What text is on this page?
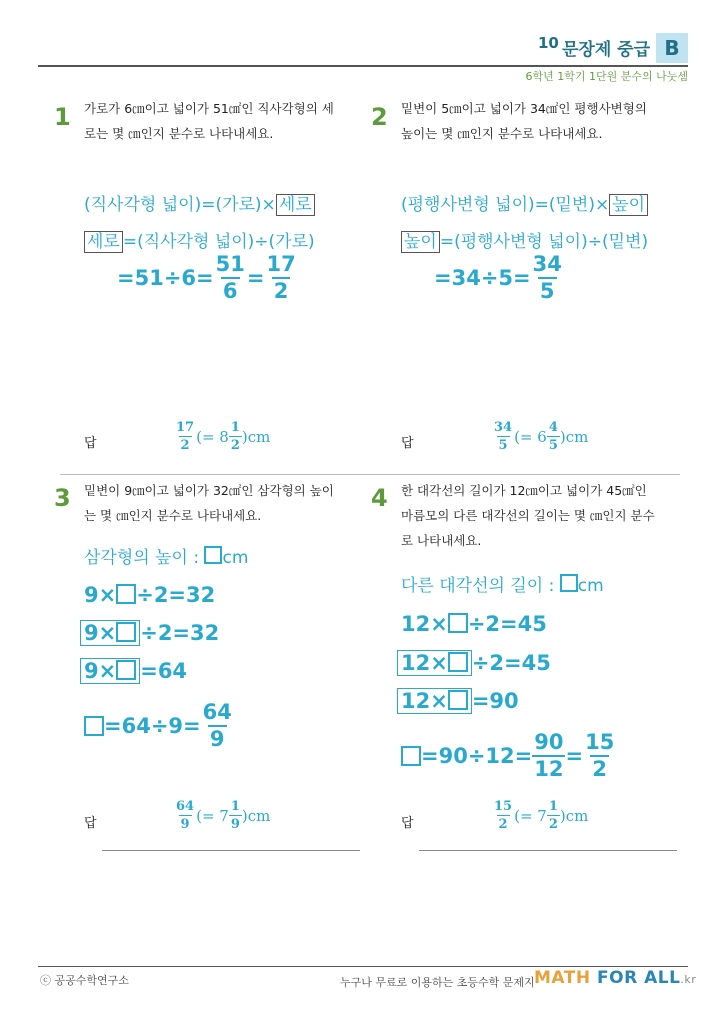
10 문장제 중급 B
6학년 1학기 1단원 분수의 나눗셈
1 가로가 6㎝이고 넓이가 51㎠인 직사각형의 세
로는 몇 ㎝인지 분수로 나타내세요.
(직사각형 넓이)=(가로)× 세로
세로 =(직사각형 넓이)÷(가로)
$=51\div 6= \frac{51}{6} = \frac{17}{2}$
답	$\frac{17}{2}$ (= $8 \frac{1}{2} )cm$
2 밑변이 5㎝이고 넓이가 34㎠인 평행사변형의
높이는 몇 ㎝인지 분수로 나타내세요.
(평행사변형 넓이)=(밑변)× 높이
높이 =(평행사변형 넓이)÷(밑변)
$=34\div 5= \frac{34}{5}$
답	$\frac{34}{5}$ (= $6 \frac{4}{5} )cm$
3 밑변이 9㎝이고 넓이가 32㎠인 삼각형의 높이
는 몇 ㎝인지 분수로 나타내세요.
삼각형의 높이 : cm
9× ÷2=32
9× ÷2=32
9× =64
$=64\div 9= \frac{64}{9}$
답	$\frac{64}{9}$ (= $7 \frac{1}{9} )cm$
4 한 대각선의 길이가 12㎝이고 넓이가 45㎠인
마름모의 다른 대각선의 길이는 몇 ㎝인지 분수
로 나타내세요.
다른 대각선의 길이 : cm
12× ÷2=45
12× ÷2=45
12× =90
$=90\div 12= \frac{90}{12} = \frac{15}{2}$
답	$\frac{15}{2}$ (= $7 \frac{1}{2} )cm$
ⓒ 공공수학연구소	누구나 무료로 이용하는 초등수학 문제지 MATH FOR ALL.kr
